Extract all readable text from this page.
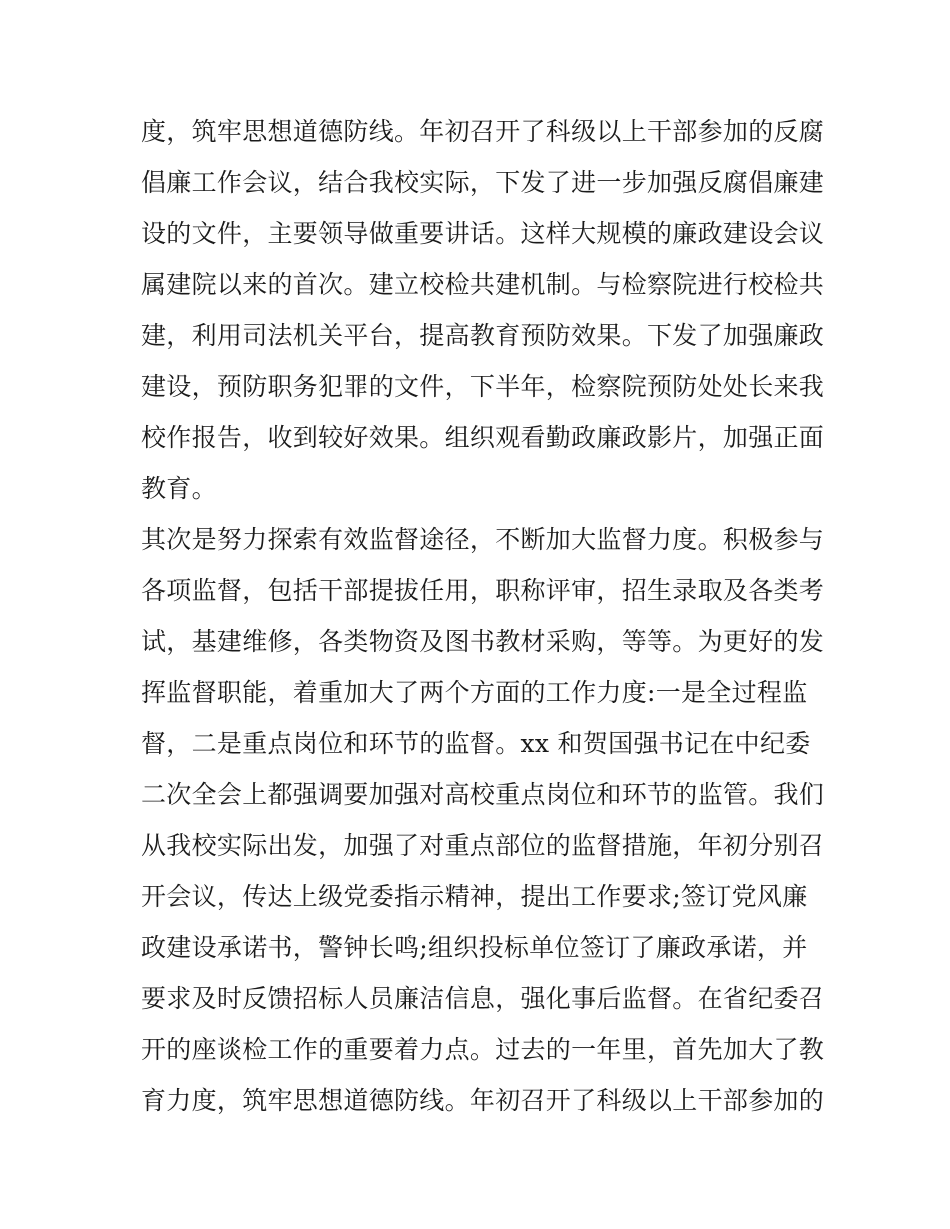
度，筑牢思想道德防线。年初召开了科级以上干部参加的反腐
倡廉工作会议，结合我校实际，下发了进一步加强反腐倡廉建
设的文件，主要领导做重要讲话。这样大规模的廉政建设会议
属建院以来的首次。建立校检共建机制。与检察院进行校检共
建，利用司法机关平台，提高教育预防效果。下发了加强廉政
建设，预防职务犯罪的文件，下半年，检察院预防处处长来我
校作报告，收到较好效果。组织观看勤政廉政影片，加强正面
教育。
其次是努力探索有效监督途径，不断加大监督力度。积极参与
各项监督，包括干部提拔任用，职称评审，招生录取及各类考
试，基建维修，各类物资及图书教材采购，等等。为更好的发
挥监督职能，着重加大了两个方面的工作力度:一是全过程监
督，二是重点岗位和环节的监督。xx 和贺国强书记在中纪委
二次全会上都强调要加强对高校重点岗位和环节的监管。我们
从我校实际出发，加强了对重点部位的监督措施，年初分别召
开会议，传达上级党委指示精神，提出工作要求;签订党风廉
政建设承诺书，警钟长鸣;组织投标单位签订了廉政承诺，并
要求及时反馈招标人员廉洁信息，强化事后监督。在省纪委召
开的座谈检工作的重要着力点。过去的一年里，首先加大了教
育力度，筑牢思想道德防线。年初召开了科级以上干部参加的
